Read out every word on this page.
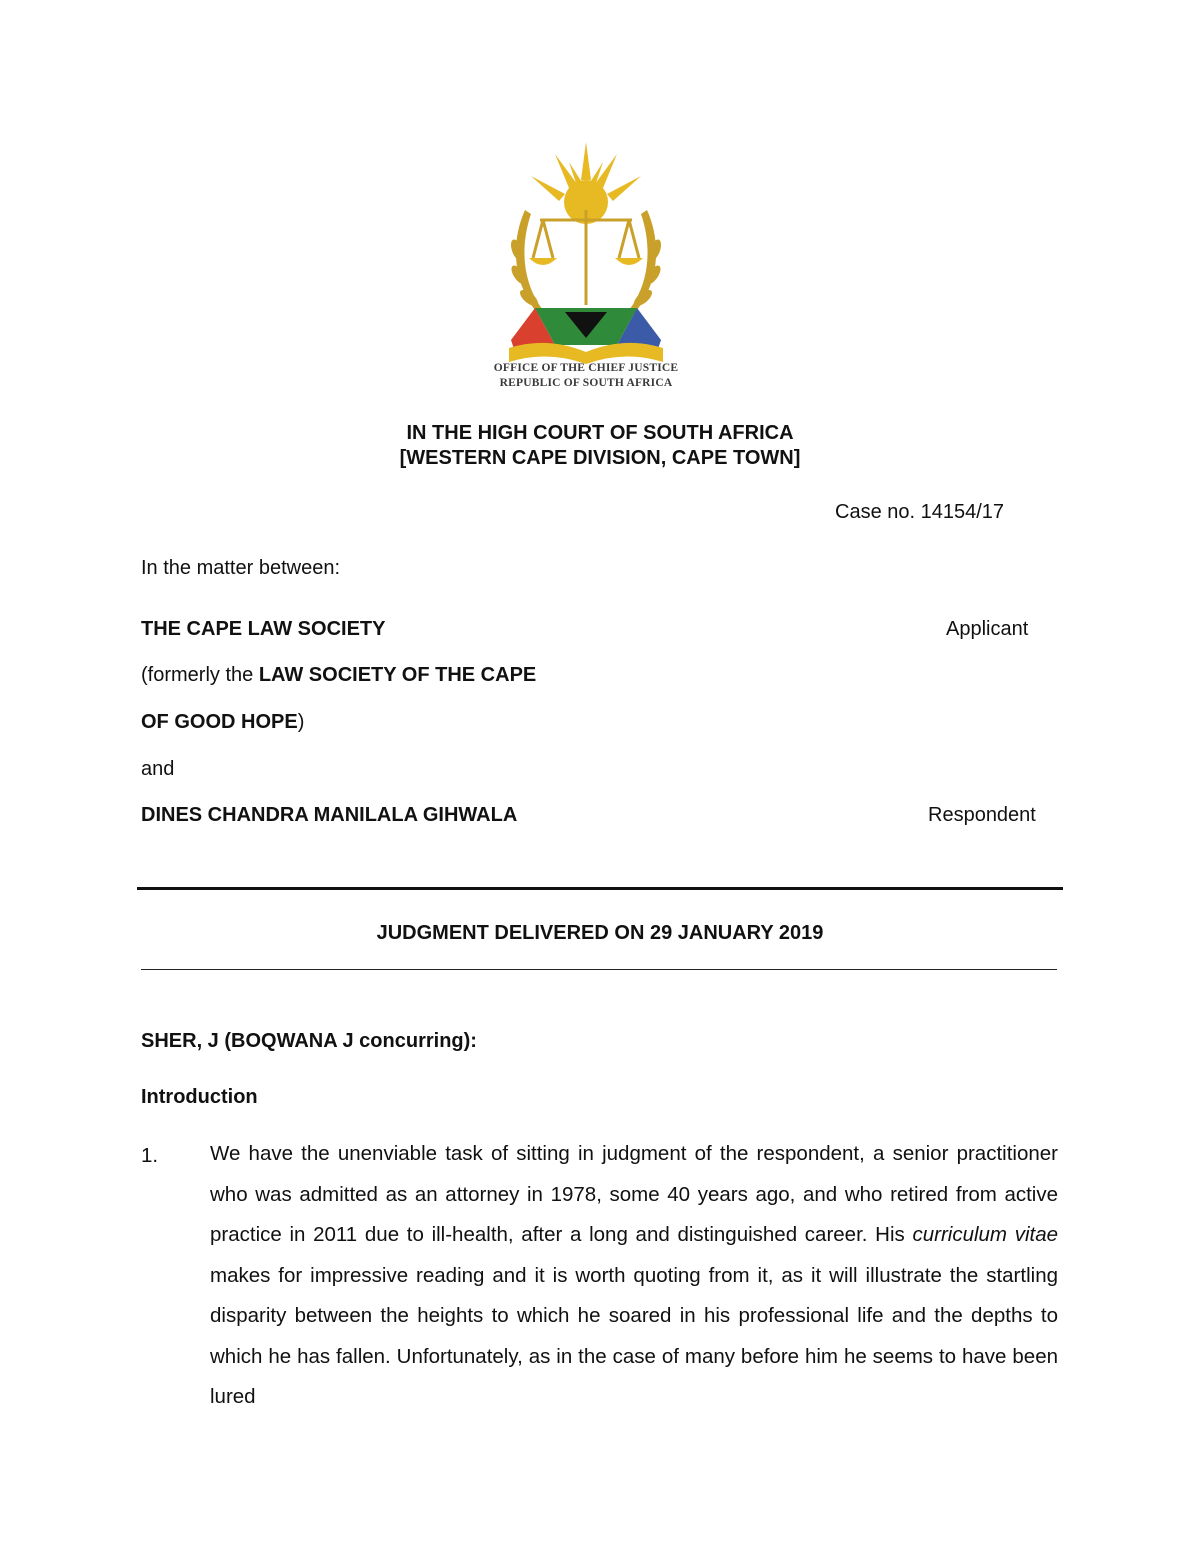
OFFICE OF THE CHIEF JUSTICE
REPUBLIC OF SOUTH AFRICA
IN THE HIGH COURT OF SOUTH AFRICA
[WESTERN CAPE DIVISION, CAPE TOWN]
Case no. 14154/17
In the matter between:
THE CAPE LAW SOCIETY	Applicant
(formerly the LAW SOCIETY OF THE CAPE
OF GOOD HOPE)
and
DINES CHANDRA MANILALA GIHWALA	Respondent
JUDGMENT DELIVERED ON 29 JANUARY 2019
SHER, J (BOQWANA J concurring):
Introduction
1.	We have the unenviable task of sitting in judgment of the respondent, a senior practitioner who was admitted as an attorney in 1978, some 40 years ago, and who retired from active practice in 2011 due to ill-health, after a long and distinguished career. His curriculum vitae makes for impressive reading and it is worth quoting from it, as it will illustrate the startling disparity between the heights to which he soared in his professional life and the depths to which he has fallen. Unfortunately, as in the case of many before him he seems to have been lured
